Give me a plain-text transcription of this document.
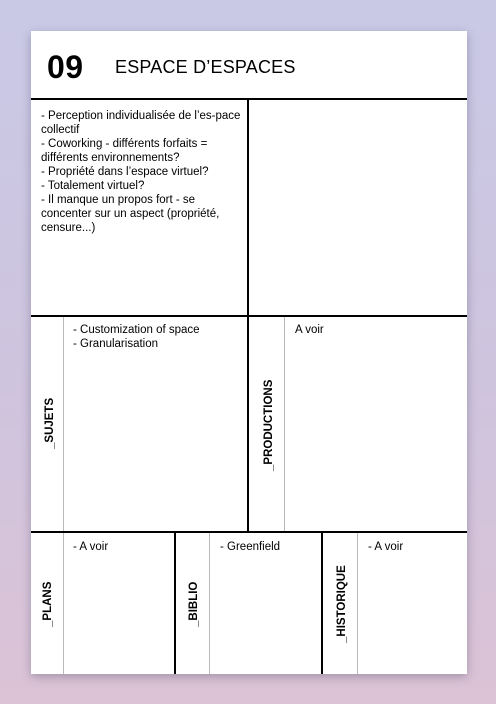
09 ESPACE D’ESPACES
- Perception individualisée de l’es-pace collectif
- Coworking - différents forfaits = différents environnements?
- Propriété dans l’espace virtuel?
- Totalement virtuel?
- Il manque un propos fort - se concenter sur un aspect (propriété, censure...)
_SUJETS
- Customization of space
- Granularisation
_PRODUCTIONS
A voir
_PLANS
- A voir
_BIBLIO
- Greenfield
_HISTORIQUE
- A voir
